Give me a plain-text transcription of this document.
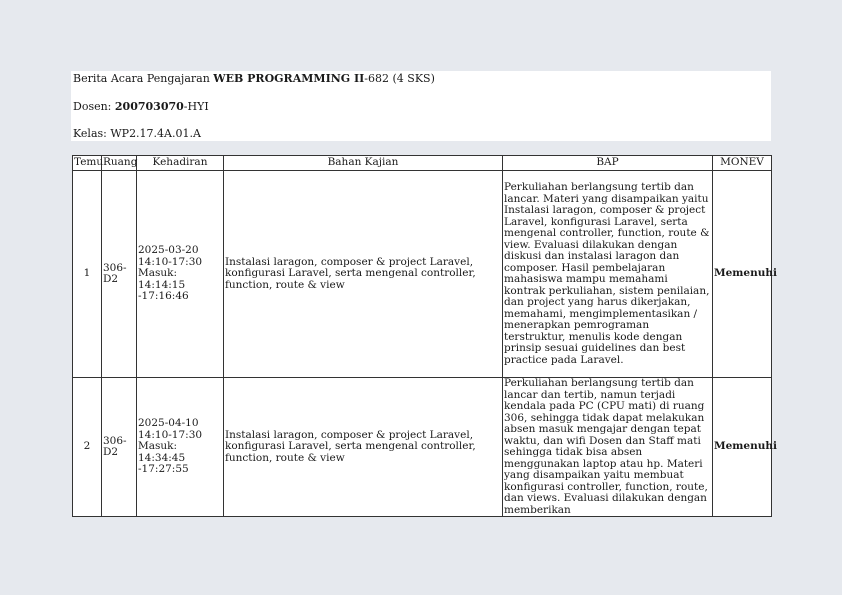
Berita Acara Pengajaran WEB PROGRAMMING II-682 (4 SKS)
Dosen: 200703070-HYI
Kelas: WP2.17.4A.01.A
Temu	Ruang	Kehadiran	Bahan Kajian	BAP	MONEV
1	306-D2	2025-03-20 14:10-17:30 Masuk: 14:14:15 -17:16:46	Instalasi laragon, composer & project Laravel, konfigurasi Laravel, serta mengenal controller, function, route & view	Perkuliahan berlangsung tertib dan lancar. Materi yang disampaikan yaitu Instalasi laragon, composer & project Laravel, konfigurasi Laravel, serta mengenal controller, function, route & view. Evaluasi dilakukan dengan diskusi dan instalasi laragon dan composer. Hasil pembelajaran mahasiswa mampu memahami kontrak perkuliahan, sistem penilaian, dan project yang harus dikerjakan, memahami, mengimplementasikan / menerapkan pemrograman terstruktur, menulis kode dengan prinsip sesuai guidelines dan best practice pada Laravel.	Memenuhi
2	306-D2	2025-04-10 14:10-17:30 Masuk: 14:34:45 -17:27:55	Instalasi laragon, composer & project Laravel, konfigurasi Laravel, serta mengenal controller, function, route & view	Perkuliahan berlangsung tertib dan lancar dan tertib, namun terjadi kendala pada PC (CPU mati) di ruang 306, sehingga tidak dapat melakukan absen masuk mengajar dengan tepat waktu, dan wifi Dosen dan Staff mati sehingga tidak bisa absen menggunakan laptop atau hp. Materi yang disampaikan yaitu membuat konfigurasi controller, function, route, dan views. Evaluasi dilakukan dengan memberikan	Memenuhi
